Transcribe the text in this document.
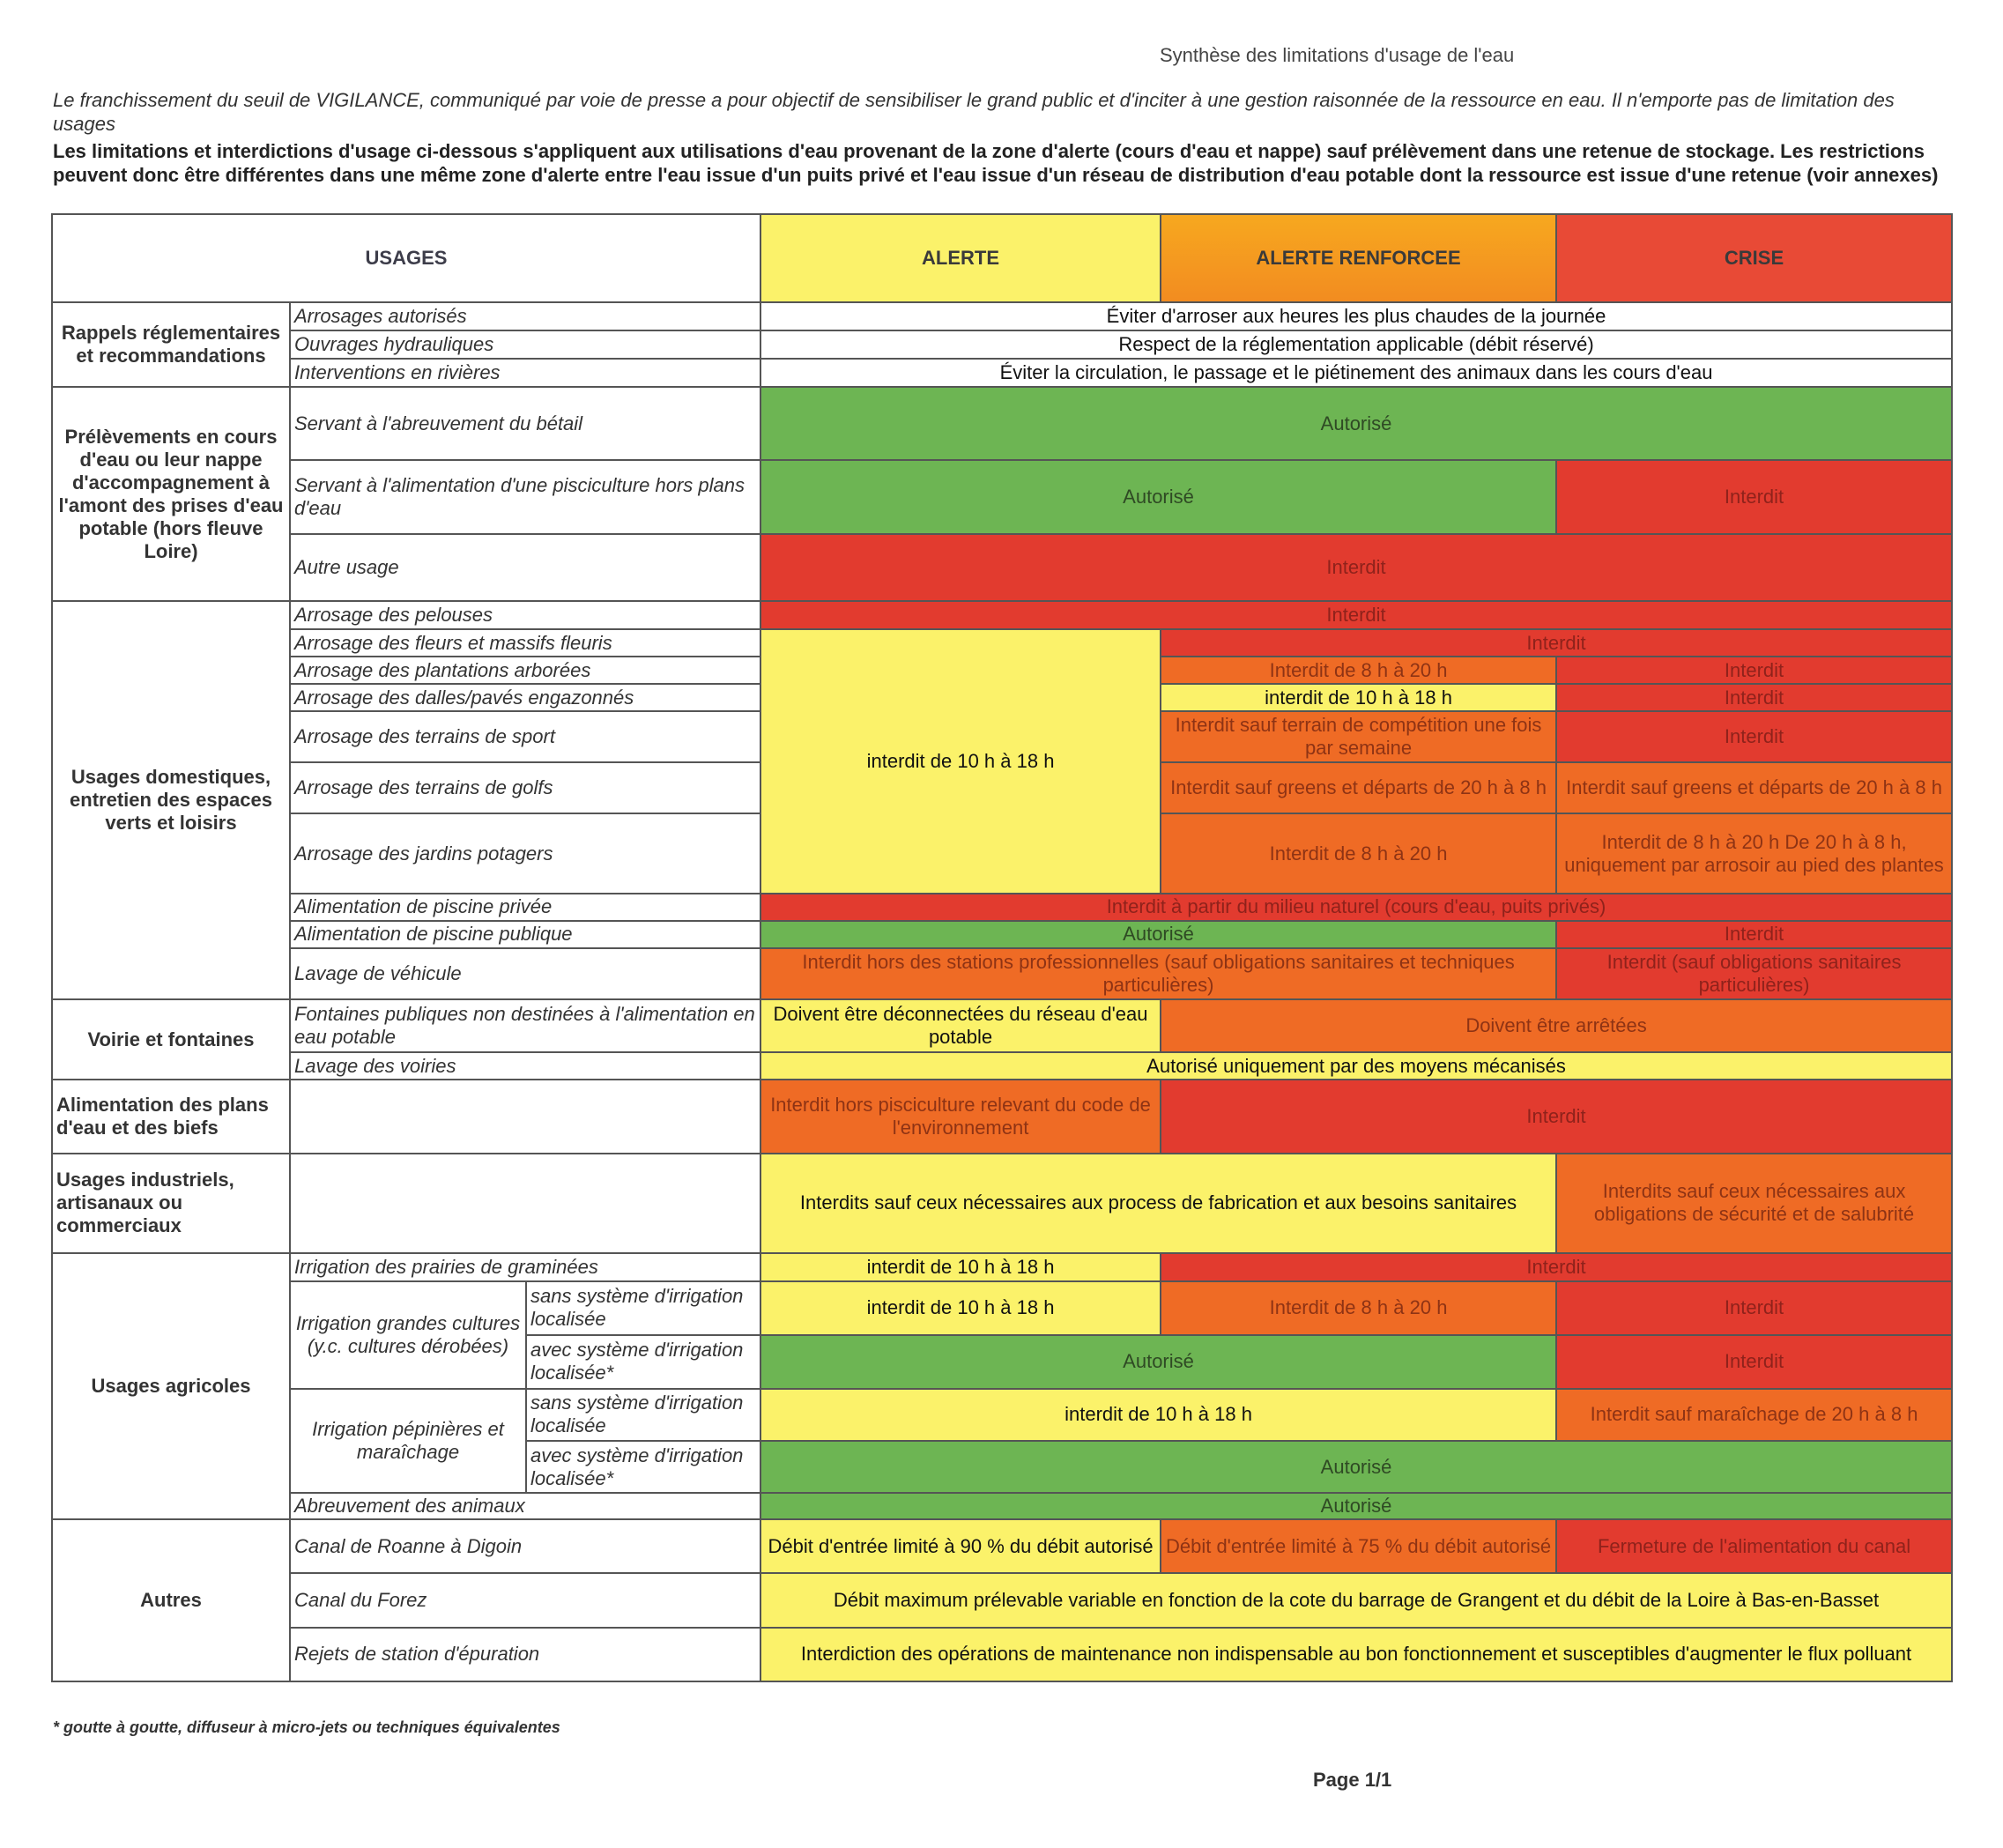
Synthèse des limitations d'usage de l'eau
Le franchissement du seuil de VIGILANCE, communiqué par voie de presse a pour objectif de sensibiliser le grand public et d'inciter à une gestion raisonnée de la ressource en eau. Il n'emporte pas de limitation des usages
Les limitations et interdictions d'usage ci-dessous s'appliquent aux utilisations d'eau provenant de la zone d'alerte (cours d'eau et nappe) sauf prélèvement dans une retenue de stockage. Les restrictions peuvent donc être différentes dans une même zone d'alerte entre l'eau issue d'un puits privé et l'eau issue d'un réseau de distribution d'eau potable dont la ressource est issue d'une retenue (voir annexes)
USAGES			ALERTE	ALERTE RENFORCEE	CRISE
Rappels réglementaires et recommandations	Arrosages autorisés		Éviter d'arroser aux heures les plus chaudes de la journée		
	Ouvrages hydrauliques		Respect de la réglementation applicable (débit réservé)		
	Interventions en rivières		Éviter la circulation, le passage et le piétinement des animaux dans les cours d'eau		
Prélèvements en cours d'eau ou leur nappe d'accompagnement à l'amont des prises d'eau potable (hors fleuve Loire)	Servant à l'abreuvement du bétail		Autorisé		
	Servant à l'alimentation d'une pisciculture hors plans d'eau		Autorisé		Interdit
	Autre usage		Interdit		
Usages domestiques, entretien des espaces verts et loisirs	Arrosage des pelouses		Interdit		
	Arrosage des fleurs et massifs fleuris		interdit de 10 h à 18 h	Interdit	
	Arrosage des plantations arborées			Interdit de 8 h à 20 h	Interdit
	Arrosage des dalles/pavés engazonnés			interdit de 10 h à 18 h	Interdit
	Arrosage des terrains de sport			Interdit sauf terrain de compétition une fois par semaine	Interdit
	Arrosage des terrains de golfs			Interdit sauf greens et départs de 20 h à 8 h	Interdit sauf greens et départs de 20 h à 8 h
	Arrosage des jardins potagers			Interdit de 8 h à 20 h	Interdit de 8 h à 20 h De 20 h à 8 h, uniquement par arrosoir au pied des plantes
	Alimentation de piscine privée		Interdit à partir du milieu naturel (cours d'eau, puits privés)		
	Alimentation de piscine publique		Autorisé		Interdit
	Lavage de véhicule		Interdit hors des stations professionnelles (sauf obligations sanitaires et techniques particulières)		Interdit (sauf obligations sanitaires particulières)
Voirie et fontaines	Fontaines publiques non destinées à l'alimentation en eau potable		Doivent être déconnectées du réseau d'eau potable	Doivent être arrêtées	
	Lavage des voiries		Autorisé uniquement par des moyens mécanisés		
Alimentation des plans d'eau et des biefs			Interdit hors pisciculture relevant du code de l'environnement	Interdit	
Usages industriels, artisanaux ou commerciaux			Interdits sauf ceux nécessaires aux process de fabrication et aux besoins sanitaires		Interdits sauf ceux nécessaires aux obligations de sécurité et de salubrité
Usages agricoles	Irrigation des prairies de graminées		interdit de 10 h à 18 h	Interdit	
	Irrigation grandes cultures (y.c. cultures dérobées)	sans système d'irrigation localisée	interdit de 10 h à 18 h	Interdit de 8 h à 20 h	Interdit
		avec système d'irrigation localisée*	Autorisé		Interdit
	Irrigation pépinières et maraîchage	sans système d'irrigation localisée	interdit de 10 h à 18 h		Interdit sauf maraîchage de 20 h à 8 h
		avec système d'irrigation localisée*	Autorisé		
	Abreuvement des animaux		Autorisé		
Autres	Canal de Roanne à Digoin		Débit d'entrée limité à 90 % du débit autorisé	Débit d'entrée limité à 75 % du débit autorisé	Fermeture de l'alimentation du canal
	Canal du Forez		Débit maximum prélevable variable en fonction de la cote du barrage de Grangent et du débit de la Loire à Bas-en-Basset		
	Rejets de station d'épuration		Interdiction des opérations de maintenance non indispensable au bon fonctionnement et susceptibles d'augmenter le flux polluant		
* goutte à goutte, diffuseur à micro-jets ou techniques équivalentes
Page 1/1
